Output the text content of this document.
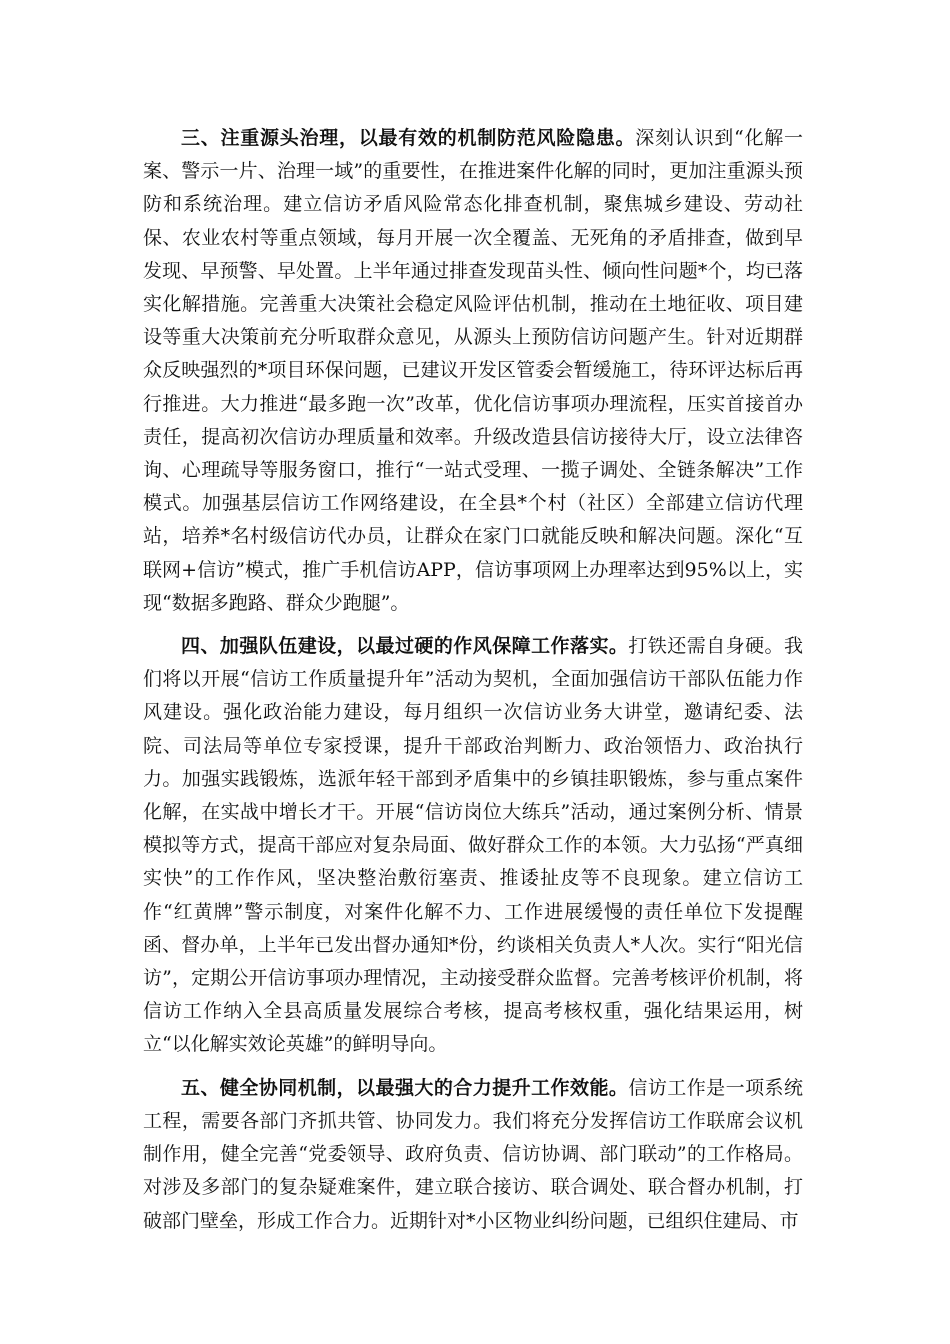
三、注重源头治理，以最有效的机制防范风险隐患。深刻认识到“化解一案、警示一片、治理一域”的重要性，在推进案件化解的同时，更加注重源头预防和系统治理。建立信访矛盾风险常态化排查机制，聚焦城乡建设、劳动社保、农业农村等重点领域，每月开展一次全覆盖、无死角的矛盾排查，做到早发现、早预警、早处置。上半年通过排查发现苗头性、倾向性问题*个，均已落实化解措施。完善重大决策社会稳定风险评估机制，推动在土地征收、项目建设等重大决策前充分听取群众意见，从源头上预防信访问题产生。针对近期群众反映强烈的*项目环保问题，已建议开发区管委会暂缓施工，待环评达标后再行推进。大力推进“最多跑一次”改革，优化信访事项办理流程，压实首接首办责任，提高初次信访办理质量和效率。升级改造县信访接待大厅，设立法律咨询、心理疏导等服务窗口，推行“一站式受理、一揽子调处、全链条解决”工作模式。加强基层信访工作网络建设，在全县*个村（社区）全部建立信访代理站，培养*名村级信访代办员，让群众在家门口就能反映和解决问题。深化“互联网+信访”模式，推广手机信访APP，信访事项网上办理率达到95%以上，实现“数据多跑路、群众少跑腿”。

四、加强队伍建设，以最过硬的作风保障工作落实。打铁还需自身硬。我们将以开展“信访工作质量提升年”活动为契机，全面加强信访干部队伍能力作风建设。强化政治能力建设，每月组织一次信访业务大讲堂，邀请纪委、法院、司法局等单位专家授课，提升干部政治判断力、政治领悟力、政治执行力。加强实践锻炼，选派年轻干部到矛盾集中的乡镇挂职锻炼，参与重点案件化解，在实战中增长才干。开展“信访岗位大练兵”活动，通过案例分析、情景模拟等方式，提高干部应对复杂局面、做好群众工作的本领。大力弘扬“严真细实快”的工作作风，坚决整治敷衍塞责、推诿扯皮等不良现象。建立信访工作“红黄牌”警示制度，对案件化解不力、工作进展缓慢的责任单位下发提醒函、督办单，上半年已发出督办通知*份，约谈相关负责人*人次。实行“阳光信访”，定期公开信访事项办理情况，主动接受群众监督。完善考核评价机制，将信访工作纳入全县高质量发展综合考核，提高考核权重，强化结果运用，树立“以化解实效论英雄”的鲜明导向。

五、健全协同机制，以最强大的合力提升工作效能。信访工作是一项系统工程，需要各部门齐抓共管、协同发力。我们将充分发挥信访工作联席会议机制作用，健全完善“党委领导、政府负责、信访协调、部门联动”的工作格局。对涉及多部门的复杂疑难案件，建立联合接访、联合调处、联合督办机制，打破部门壁垒，形成工作合力。近期针对*小区物业纠纷问题，已组织住建局、市
